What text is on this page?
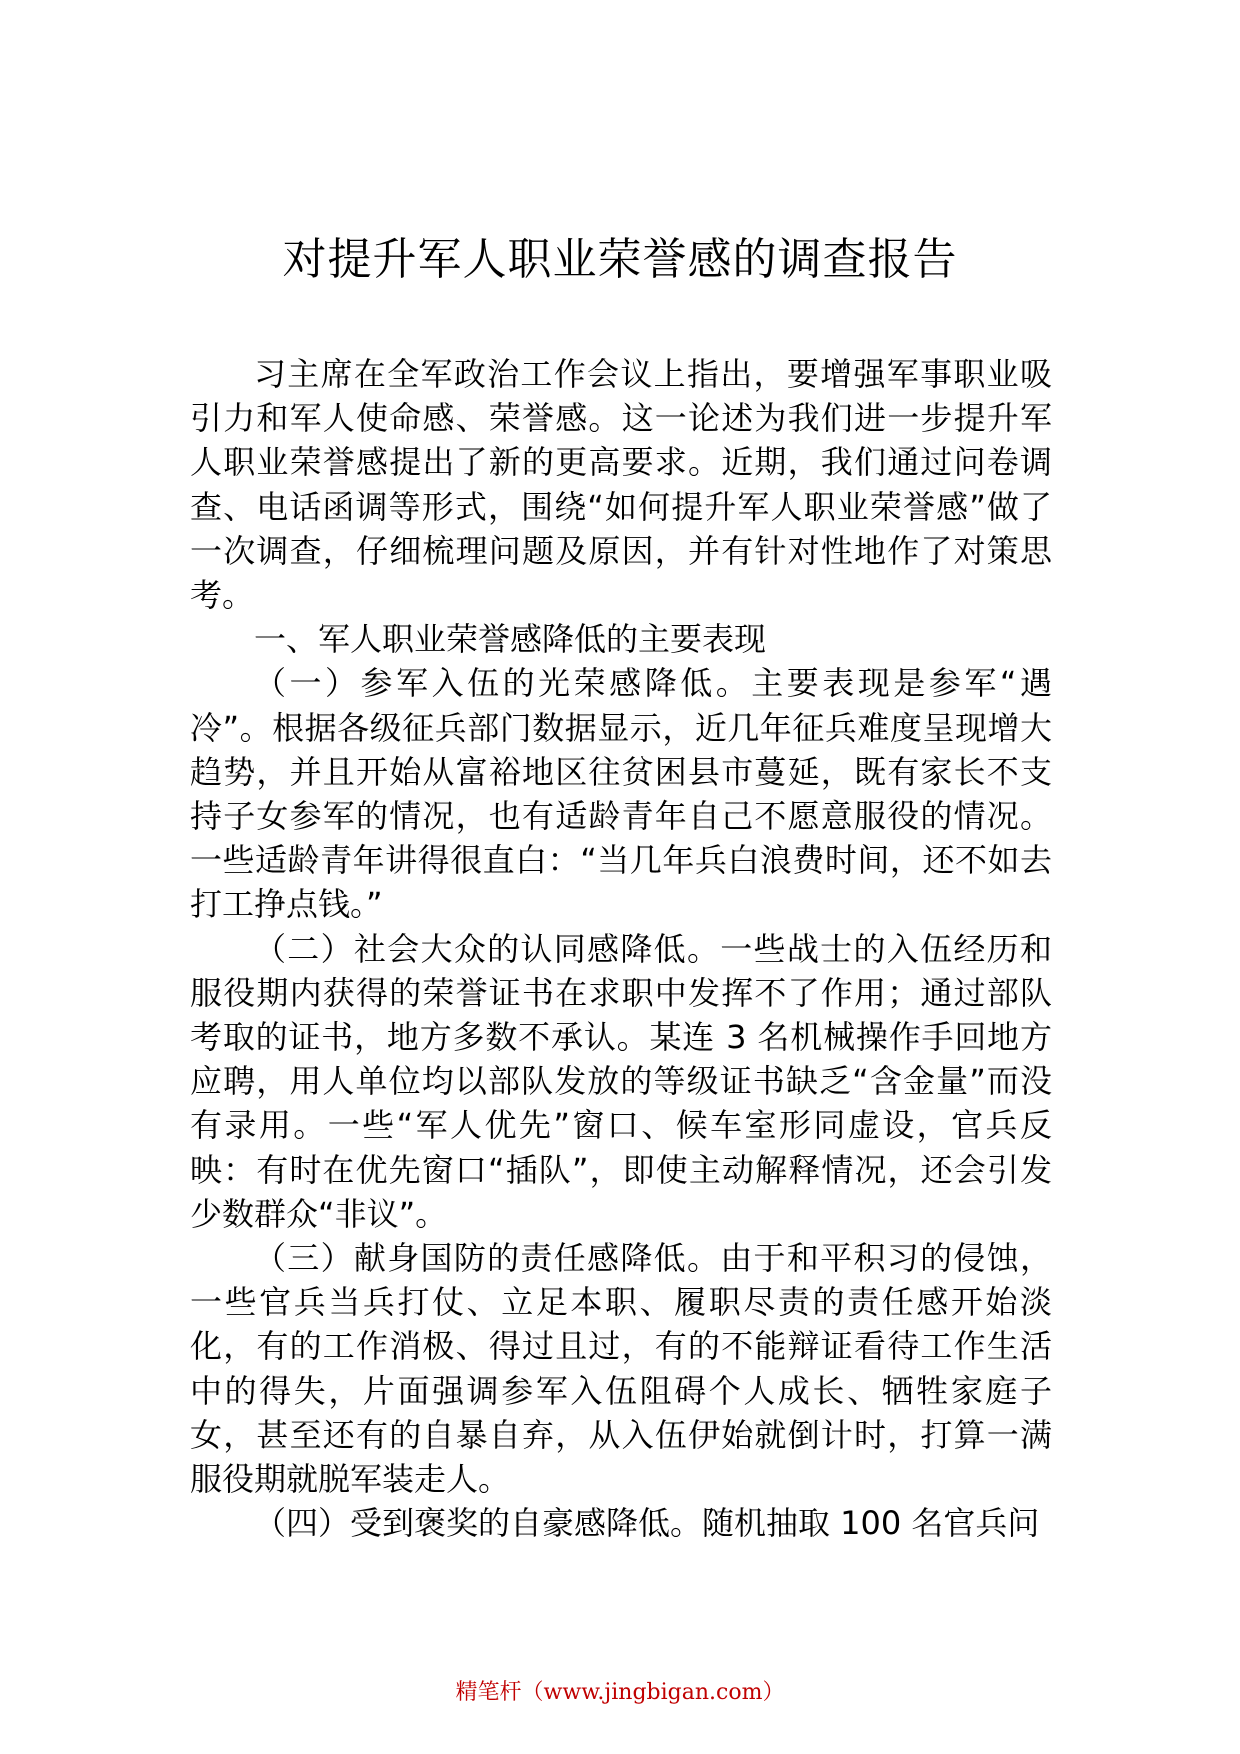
对提升军人职业荣誉感的调查报告

习主席在全军政治工作会议上指出，要增强军事职业吸引力和军人使命感、荣誉感。这一论述为我们进一步提升军人职业荣誉感提出了新的更高要求。近期，我们通过问卷调查、电话函调等形式，围绕“如何提升军人职业荣誉感”做了一次调查，仔细梳理问题及原因，并有针对性地作了对策思考。

一、军人职业荣誉感降低的主要表现

（一）参军入伍的光荣感降低。主要表现是参军“遇冷”。根据各级征兵部门数据显示，近几年征兵难度呈现增大趋势，并且开始从富裕地区往贫困县市蔓延，既有家长不支持子女参军的情况，也有适龄青年自己不愿意服役的情况。一些适龄青年讲得很直白：“当几年兵白浪费时间，还不如去打工挣点钱。”

（二）社会大众的认同感降低。一些战士的入伍经历和服役期内获得的荣誉证书在求职中发挥不了作用；通过部队考取的证书，地方多数不承认。某连 3 名机械操作手回地方应聘，用人单位均以部队发放的等级证书缺乏“含金量”而没有录用。一些“军人优先”窗口、候车室形同虚设，官兵反映：有时在优先窗口“插队”，即使主动解释情况，还会引发少数群众“非议”。

（三）献身国防的责任感降低。由于和平积习的侵蚀，一些官兵当兵打仗、立足本职、履职尽责的责任感开始淡化，有的工作消极、得过且过，有的不能辩证看待工作生活中的得失，片面强调参军入伍阻碍个人成长、牺牲家庭子女，甚至还有的自暴自弃，从入伍伊始就倒计时，打算一满服役期就脱军装走人。

（四）受到褒奖的自豪感降低。随机抽取 100 名官兵问

精笔杆（www.jingbigan.com）
